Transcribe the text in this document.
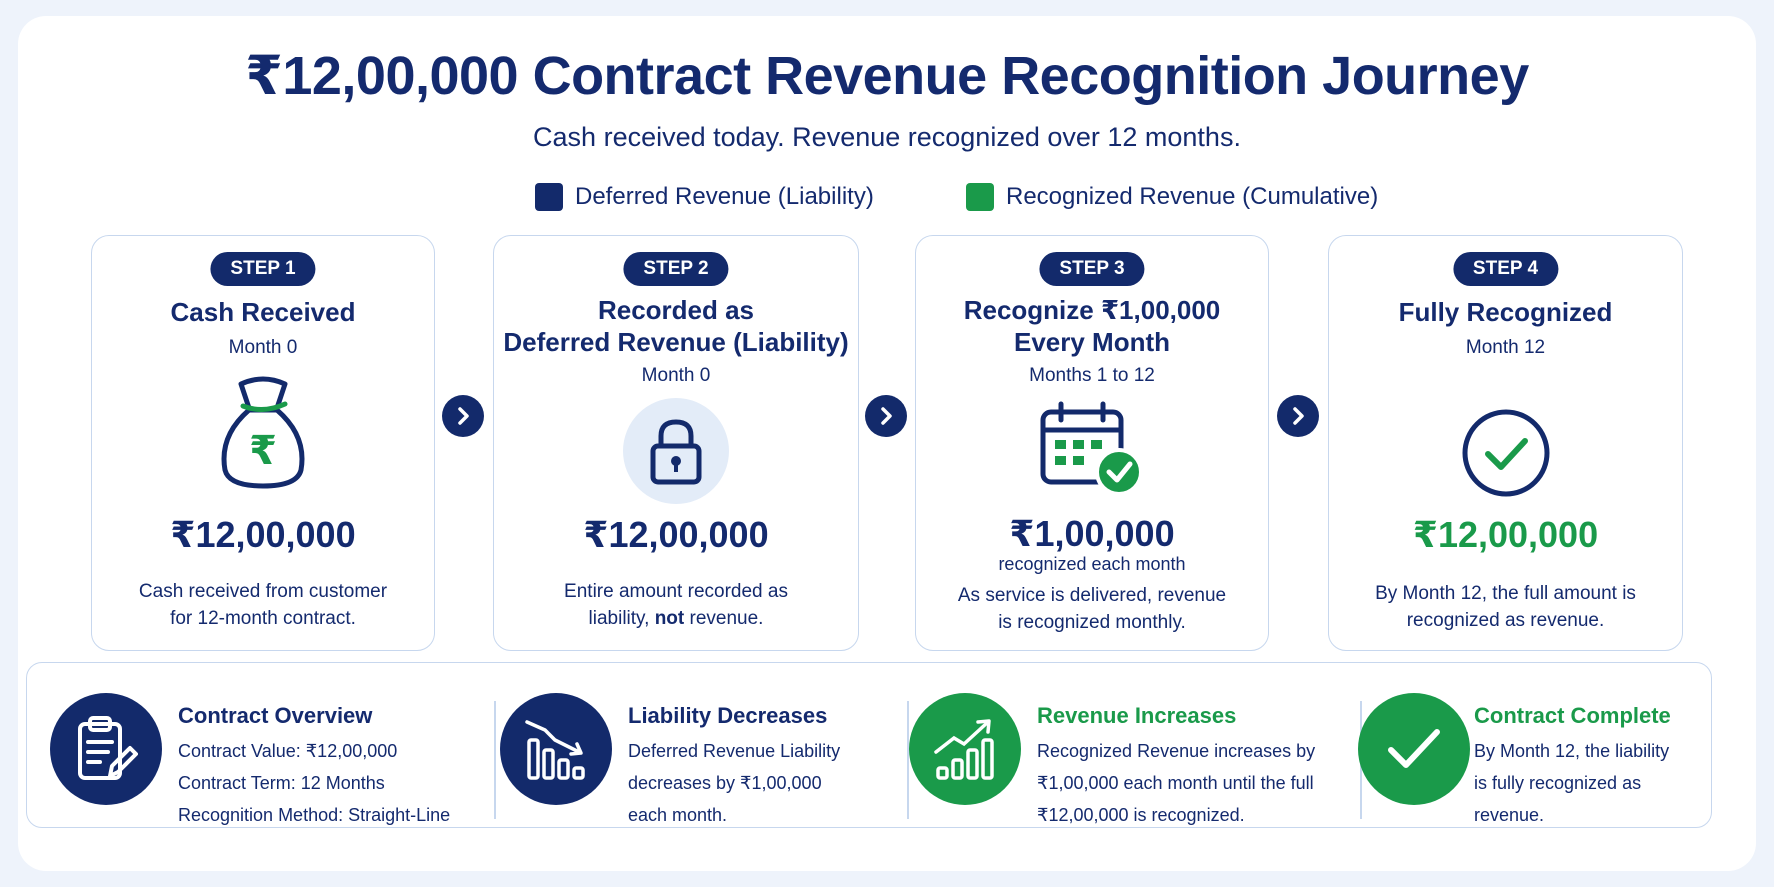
₹12,00,000 Contract Revenue Recognition Journey
Cash received today. Revenue recognized over 12 months.
Deferred Revenue (Liability)	Recognized Revenue (Cumulative)
STEP 1
Cash Received
Month 0
₹
₹12,00,000
Cash received from customer
for 12-month contract.
STEP 2
Recorded as
Deferred Revenue (Liability)
Month 0
₹12,00,000
Entire amount recorded as
liability, not revenue.
STEP 3
Recognize ₹1,00,000
Every Month
Months 1 to 12
₹1,00,000
recognized each month
As service is delivered, revenue
is recognized monthly.
STEP 4
Fully Recognized
Month 12
₹12,00,000
By Month 12, the full amount is
recognized as revenue.
Contract Overview
Contract Value: ₹12,00,000
Contract Term: 12 Months
Recognition Method: Straight-Line
Liability Decreases
Deferred Revenue Liability
decreases by ₹1,00,000
each month.
Revenue Increases
Recognized Revenue increases by
₹1,00,000 each month until the full
₹12,00,000 is recognized.
Contract Complete
By Month 12, the liability
is fully recognized as
revenue.
